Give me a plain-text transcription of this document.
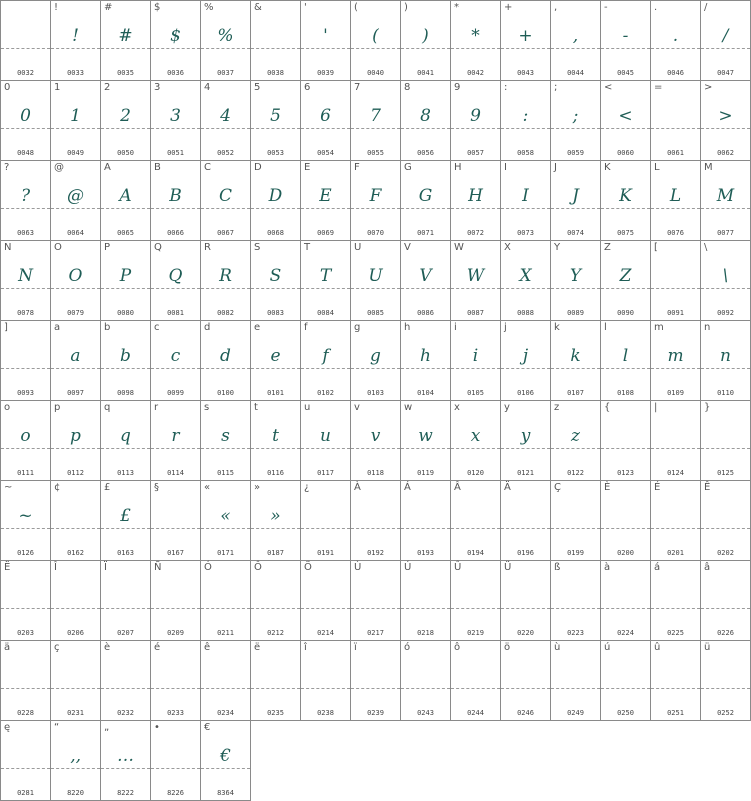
0032
!
!
0033
#
#
0035
$
$
0036
%
%
0037
&
0038
'
'
0039
(
(
0040
)
)
0041
*
*
0042
+
+
0043
,
,
0044
-
-
0045
.
.
0046
/
/
0047
0
0
0048
1
1
0049
2
2
0050
3
3
0051
4
4
0052
5
5
0053
6
6
0054
7
7
0055
8
8
0056
9
9
0057
:
:
0058
;
;
0059
<
<
0060
=
0061
>
>
0062
?
?
0063
@
@
0064
A
A
0065
B
B
0066
C
C
0067
D
D
0068
E
E
0069
F
F
0070
G
G
0071
H
H
0072
I
I
0073
J
J
0074
K
K
0075
L
L
0076
M
M
0077
N
N
0078
O
O
0079
P
P
0080
Q
Q
0081
R
R
0082
S
S
0083
T
T
0084
U
U
0085
V
V
0086
W
W
0087
X
X
0088
Y
Y
0089
Z
Z
0090
[
0091
\
\
0092
]
0093
a
a
0097
b
b
0098
c
c
0099
d
d
0100
e
e
0101
f
f
0102
g
g
0103
h
h
0104
i
i
0105
j
j
0106
k
k
0107
l
l
0108
m
m
0109
n
n
0110
o
o
0111
p
p
0112
q
q
0113
r
r
0114
s
s
0115
t
t
0116
u
u
0117
v
v
0118
w
w
0119
x
x
0120
y
y
0121
z
z
0122
{
0123
|
0124
}
0125
~
~
0126
¢
0162
£
£
0163
§
0167
«
«
0171
»
»
0187
¿
0191
À
0192
Á
0193
Â
0194
Ä
0196
Ç
0199
È
0200
É
0201
Ê
0202
Ë
0203
Î
0206
Ï
0207
Ñ
0209
Ó
0211
Ô
0212
Ö
0214
Ù
0217
Ú
0218
Û
0219
Ü
0220
ß
0223
à
0224
á
0225
â
0226
ä
0228
ç
0231
è
0232
é
0233
ê
0234
ë
0235
î
0238
ï
0239
ó
0243
ô
0244
ö
0246
ù
0249
ú
0250
û
0251
ü
0252
ę
0281
“
‚‚
8220
„
…
8222
•
8226
€
€
8364
